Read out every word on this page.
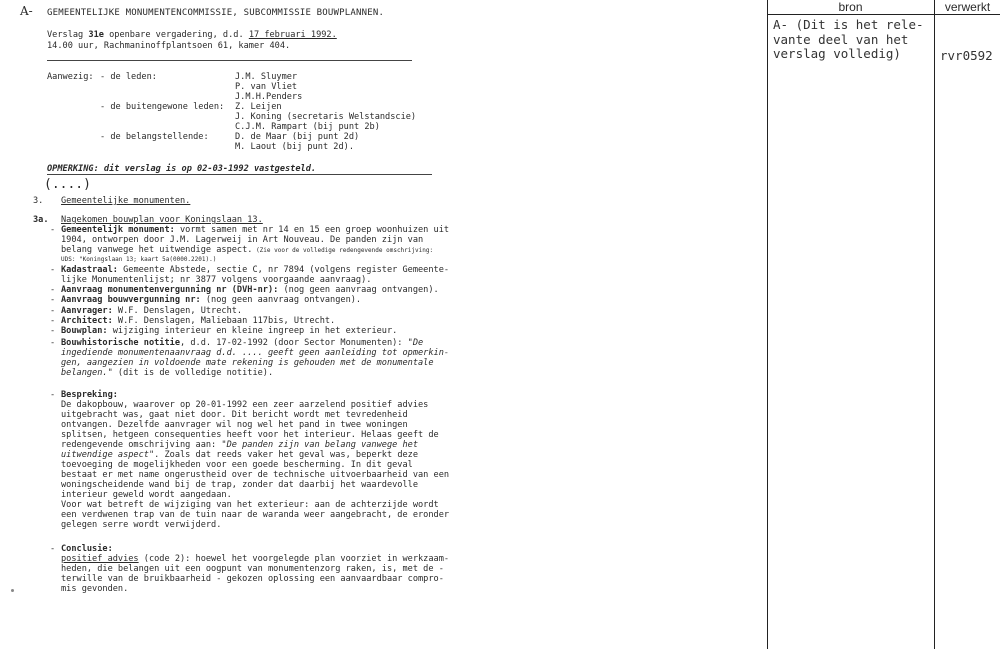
A- GEMEENTELIJKE MONUMENTENCOMMISSIE, SUBCOMMISSIE BOUWPLANNEN.
Verslag 31e openbare vergadering, d.d. 17 februari 1992.
14.00 uur, Rachmaninoffplantsoen 61, kamer 404.
Aanwezig: - de leden:	J.M. Sluymer
P. van Vliet
J.M.H.Penders
- de buitengewone leden: Z. Leijen
J. Koning (secretaris Welstandscie)
C.J.M. Rampart (bij punt 2b)
- de belangstellende:	D. de Maar (bij punt 2d)
M. Laout (bij punt 2d).
OPMERKING: dit verslag is op 02-03-1992 vastgesteld.
(....)
3. Gemeentelijke monumenten.
3a. Nagekomen bouwplan voor Koningslaan 13.
- Gemeentelijk monument: vormt samen met nr 14 en 15 een groep woonhuizen uit
1904, ontworpen door J.M. Lagerweij in Art Nouveau. De panden zijn van
belang vanwege het uitwendige aspect. (Zie voor de volledige redengevende omschrijving:
UDS: "Koningslaan 13; kaart 5a(0000.2201).)
- Kadastraal: Gemeente Abstede, sectie C, nr 7894 (volgens register Gemeente-
lijke Monumentenlijst; nr 3877 volgens voorgaande aanvraag).
- Aanvraag monumentenvergunning nr (DVH-nr): (nog geen aanvraag ontvangen).
- Aanvraag bouwvergunning nr: (nog geen aanvraag ontvangen).
- Aanvrager: W.F. Denslagen, Utrecht.
- Architect: W.F. Denslagen, Maliebaan 117bis, Utrecht.
- Bouwplan: wijziging interieur en kleine ingreep in het exterieur.
- Bouwhistorische notitie, d.d. 17-02-1992 (door Sector Monumenten): "De
ingediende monumentenaanvraag d.d. .... geeft geen aanleiding tot opmerkin-
gen, aangezien in voldoende mate rekening is gehouden met de monumentale
belangen." (dit is de volledige notitie).
- Bespreking:
De dakopbouw, waarover op 20-01-1992 een zeer aarzelend positief advies
uitgebracht was, gaat niet door. Dit bericht wordt met tevredenheid
ontvangen. Dezelfde aanvrager wil nog wel het pand in twee woningen
splitsen, hetgeen consequenties heeft voor het interieur. Helaas geeft de
redengevende omschrijving aan: "De panden zijn van belang vanwege het
uitwendige aspect". Zoals dat reeds vaker het geval was, beperkt deze
toevoeging de mogelijkheden voor een goede bescherming. In dit geval
bestaat er met name ongerustheid over de technische uitvoerbaarheid van een
woningscheidende wand bij de trap, zonder dat daarbij het waardevolle
interieur geweld wordt aangedaan.
Voor wat betreft de wijziging van het exterieur: aan de achterzijde wordt
een verdwenen trap van de tuin naar de waranda weer aangebracht, de eronder
gelegen serre wordt verwijderd.
- Conclusie:
positief advies (code 2): hoewel het voorgelegde plan voorziet in werkzaam-
heden, die belangen uit een oogpunt van monumentenzorg raken, is, met de -
terwille van de bruikbaarheid - gekozen oplossing een aanvaardbaar compro-
mis gevonden.
bron	verwerkt
A- (Dit is het rele-
vante deel van het
verslag volledig)	rvr0592
